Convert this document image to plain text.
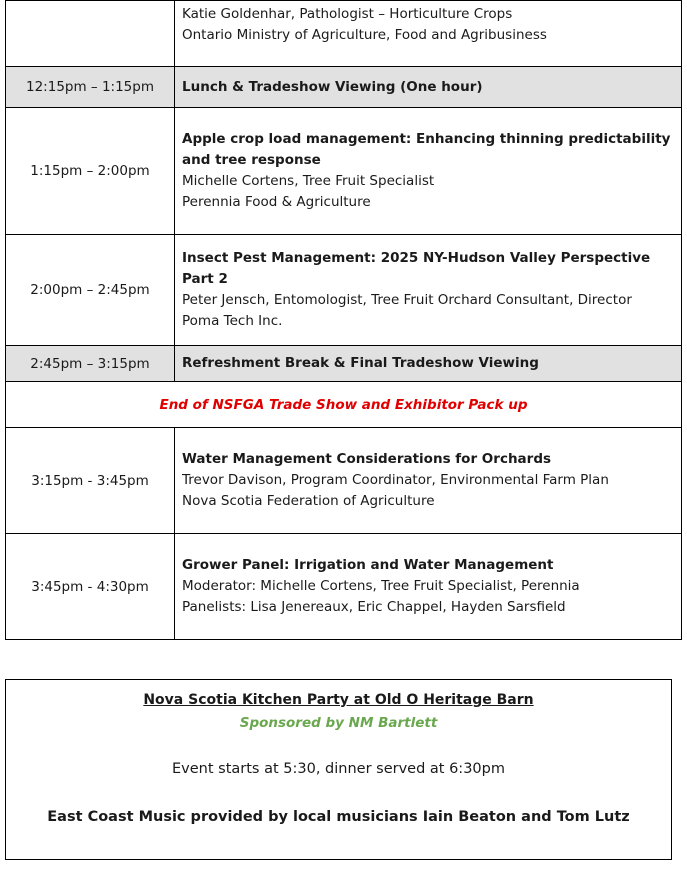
	Katie Goldenhar, Pathologist – Horticulture Crops
Ontario Ministry of Agriculture, Food and Agribusiness

12:15pm – 1:15pm	Lunch & Tradeshow Viewing (One hour)

1:15pm – 2:00pm	Apple crop load management: Enhancing thinning predictability and tree response
Michelle Cortens, Tree Fruit Specialist
Perennia Food & Agriculture

2:00pm – 2:45pm	Insect Pest Management: 2025 NY-Hudson Valley Perspective Part 2
Peter Jensch, Entomologist, Tree Fruit Orchard Consultant, Director
Poma Tech Inc.

2:45pm – 3:15pm	Refreshment Break & Final Tradeshow Viewing

End of NSFGA Trade Show and Exhibitor Pack up	
3:15pm - 3:45pm	Water Management Considerations for Orchards
Trevor Davison, Program Coordinator, Environmental Farm Plan
Nova Scotia Federation of Agriculture

3:45pm - 4:30pm	Grower Panel: Irrigation and Water Management
Moderator: Michelle Cortens, Tree Fruit Specialist, Perennia
Panelists: Lisa Jenereaux, Eric Chappel, Hayden Sarsfield
Nova Scotia Kitchen Party at Old O Heritage Barn
Sponsored by NM Bartlett
Event starts at 5:30, dinner served at 6:30pm
East Coast Music provided by local musicians Iain Beaton and Tom Lutz
